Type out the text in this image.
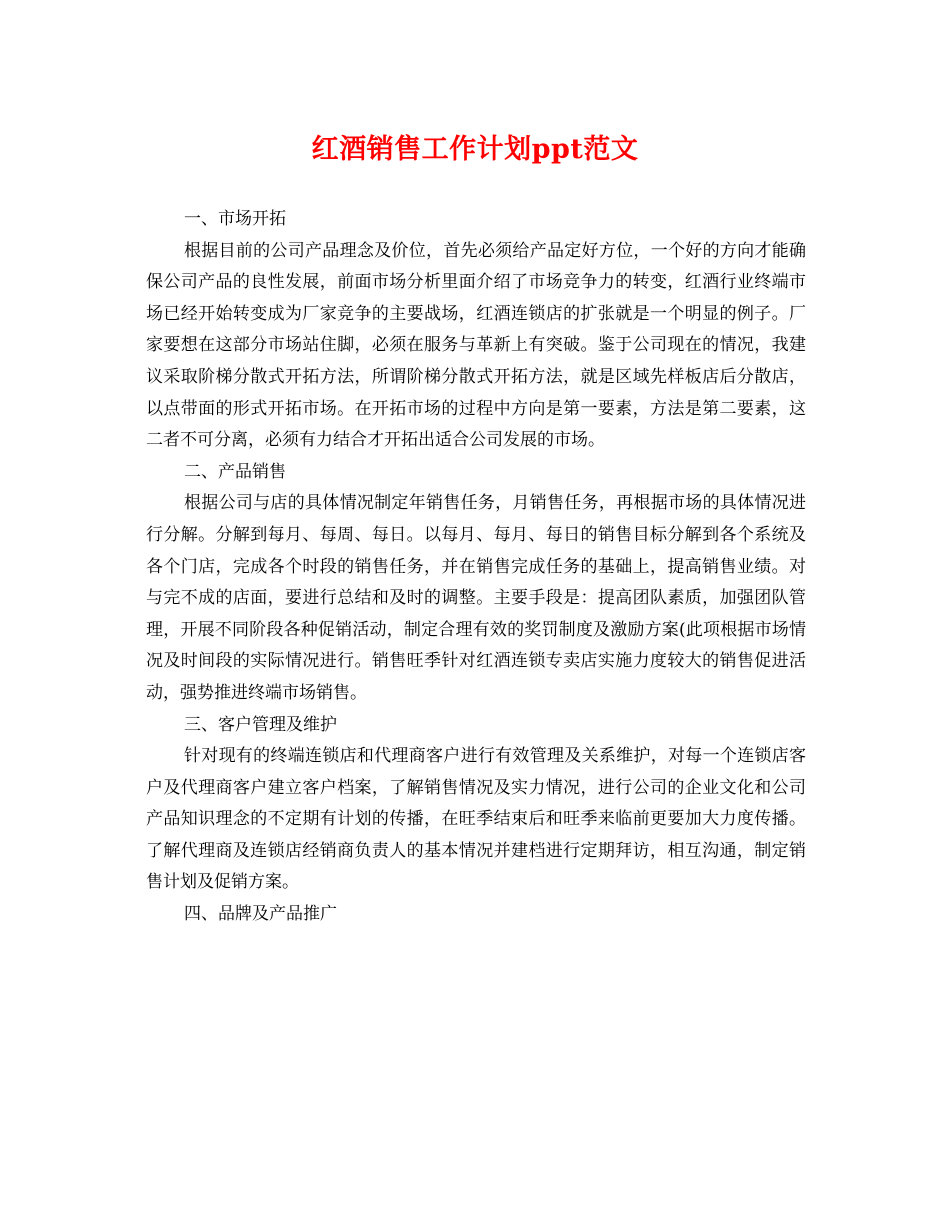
红酒销售工作计划ppt范文

一、市场开拓

根据目前的公司产品理念及价位，首先必须给产品定好方位，一个好的方向才能确保公司产品的良性发展，前面市场分析里面介绍了市场竞争力的转变，红酒行业终端市场已经开始转变成为厂家竞争的主要战场，红酒连锁店的扩张就是一个明显的例子。厂家要想在这部分市场站住脚，必须在服务与革新上有突破。鉴于公司现在的情况，我建议采取阶梯分散式开拓方法，所谓阶梯分散式开拓方法，就是区域先样板店后分散店，以点带面的形式开拓市场。在开拓市场的过程中方向是第一要素，方法是第二要素，这二者不可分离，必须有力结合才开拓出适合公司发展的市场。

二、产品销售

根据公司与店的具体情况制定年销售任务，月销售任务，再根据市场的具体情况进行分解。分解到每月、每周、每日。以每月、每月、每日的销售目标分解到各个系统及各个门店，完成各个时段的销售任务，并在销售完成任务的基础上，提高销售业绩。对与完不成的店面，要进行总结和及时的调整。主要手段是：提高团队素质，加强团队管理，开展不同阶段各种促销活动，制定合理有效的奖罚制度及激励方案(此项根据市场情况及时间段的实际情况进行。销售旺季针对红酒连锁专卖店实施力度较大的销售促进活动，强势推进终端市场销售。

三、客户管理及维护

针对现有的终端连锁店和代理商客户进行有效管理及关系维护，对每一个连锁店客户及代理商客户建立客户档案，了解销售情况及实力情况，进行公司的企业文化和公司产品知识理念的不定期有计划的传播，在旺季结束后和旺季来临前更要加大力度传播。了解代理商及连锁店经销商负责人的基本情况并建档进行定期拜访，相互沟通，制定销售计划及促销方案。

四、品牌及产品推广
